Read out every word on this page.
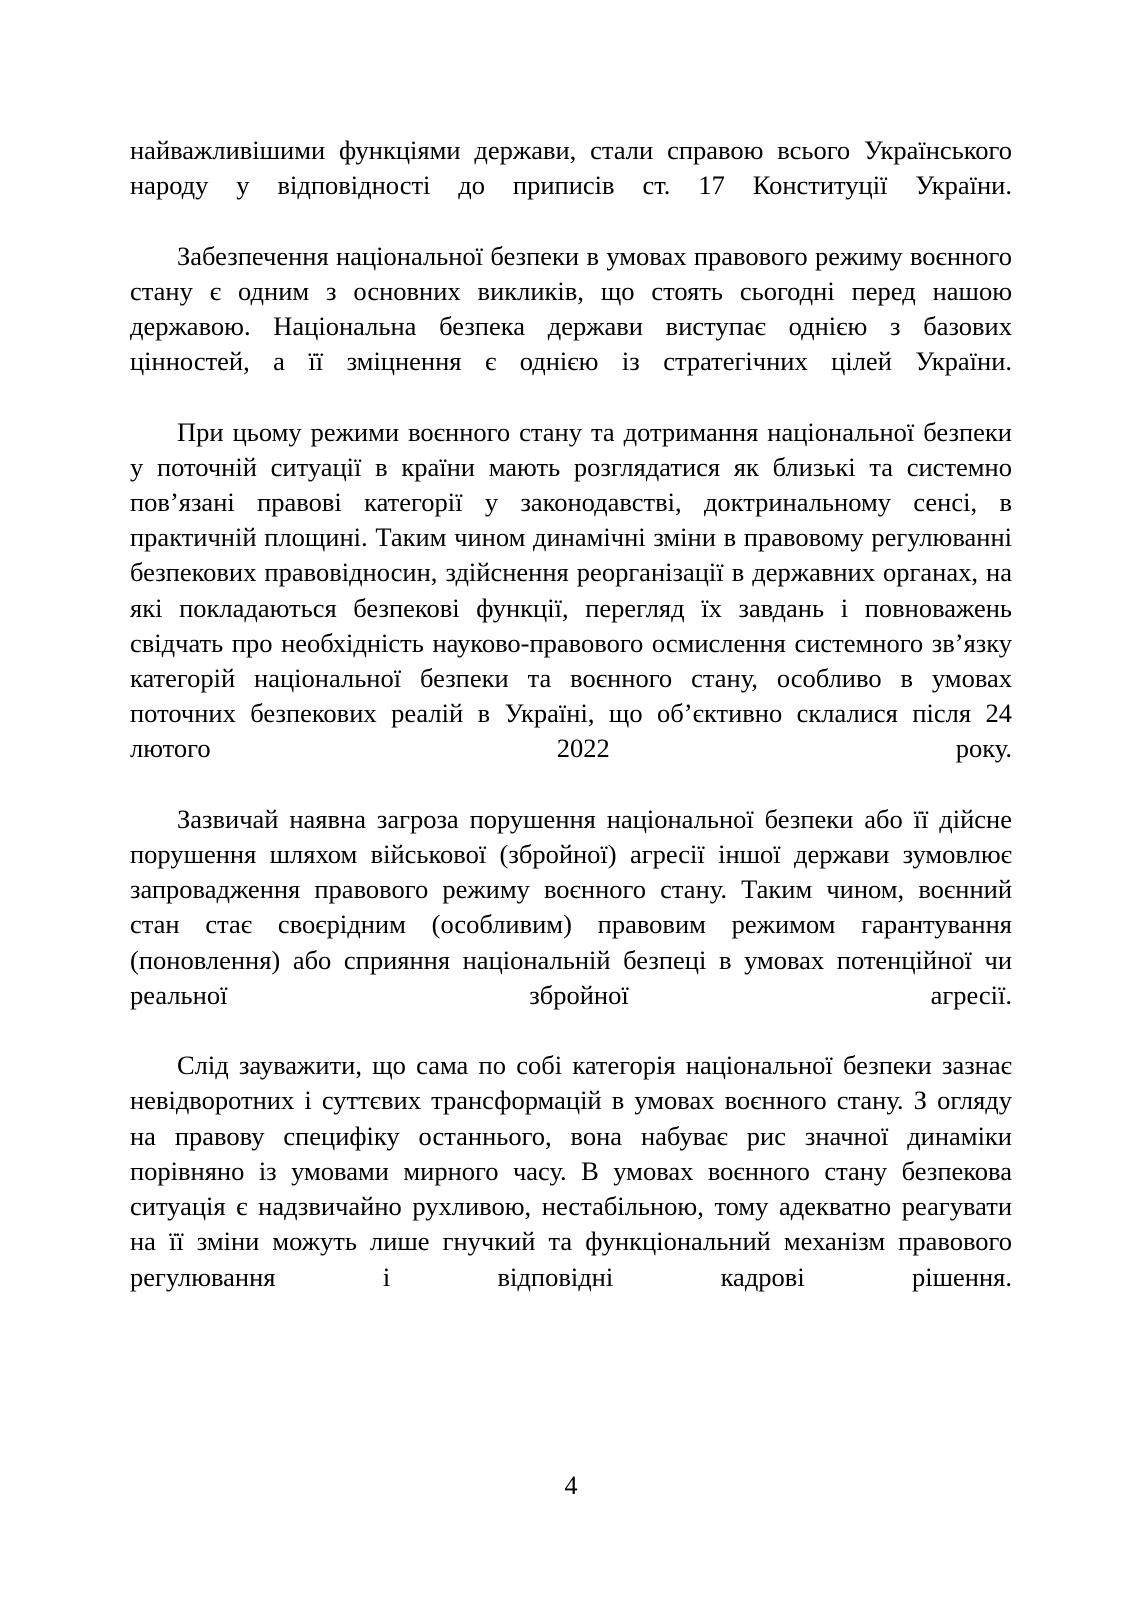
найважливішими функціями держави, стали справою всього Українського народу у відповідності до приписів ст. 17 Конституції України.

Забезпечення національної безпеки в умовах правового режиму воєнного стану є одним з основних викликів, що стоять сьогодні перед нашою державою. Національна безпека держави виступає однією з базових цінностей, а її зміцнення є однією із стратегічних цілей України.

При цьому режими воєнного стану та дотримання національної безпеки у поточній ситуації в країни мають розглядатися як близькі та системно пов’язані правові категорії у законодавстві, доктринальному сенсі, в практичній площині. Таким чином динамічні зміни в правовому регулюванні безпекових правовідносин, здійснення реорганізації в державних органах, на які покладаються безпекові функції, перегляд їх завдань і повноважень свідчать про необхідність науково-правового осмислення системного зв’язку категорій національної безпеки та воєнного стану, особливо в умовах поточних безпекових реалій в Україні, що об’єктивно склалися після 24 лютого 2022 року.

Зазвичай наявна загроза порушення національної безпеки або її дійсне порушення шляхом військової (збройної) агресії іншої держави зумовлює запровадження правового режиму воєнного стану. Таким чином, воєнний стан стає своєрідним (особливим) правовим режимом гарантування (поновлення) або сприяння національній безпеці в умовах потенційної чи реальної збройної агресії.

Слід зауважити, що сама по собі категорія національної безпеки зазнає невідворотних і суттєвих трансформацій в умовах воєнного стану. З огляду на правову специфіку останнього, вона набуває рис значної динаміки порівняно із умовами мирного часу. В умовах воєнного стану безпекова ситуація є надзвичайно рухливою, нестабільною, тому адекватно реагувати на її зміни можуть лише гнучкий та функціональний механізм правового регулювання і відповідні кадрові рішення.

4
